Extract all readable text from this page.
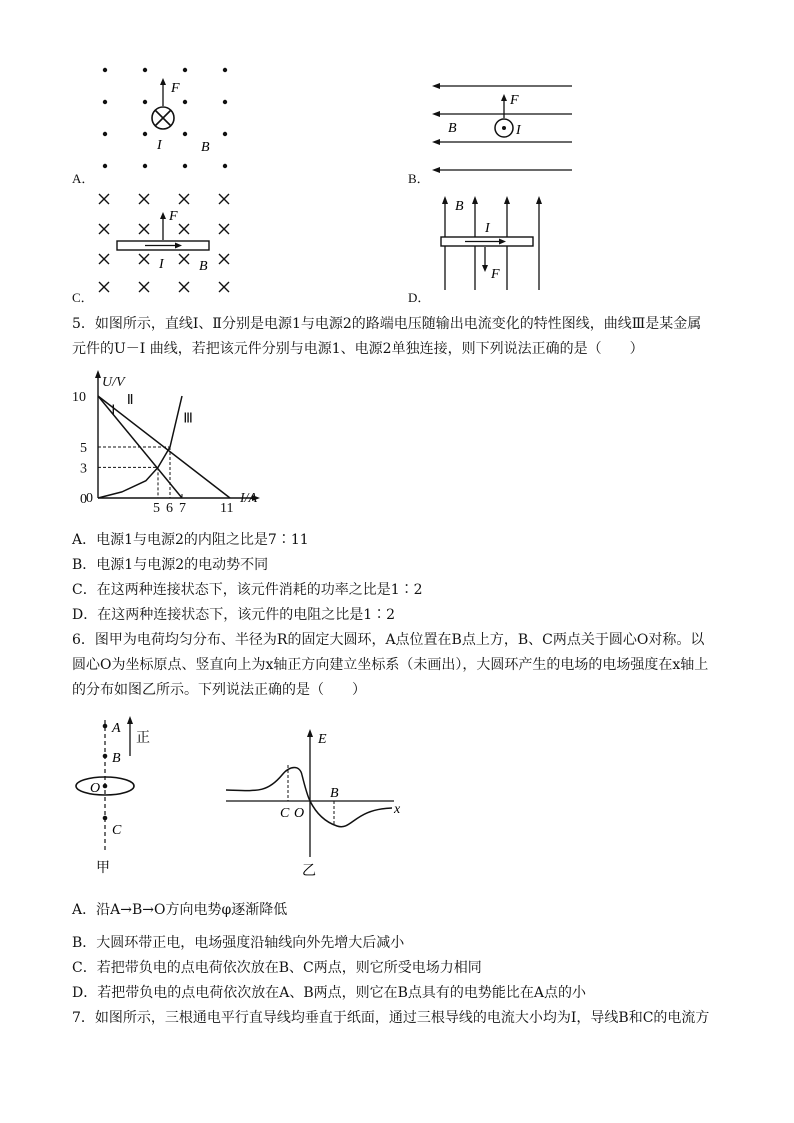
A．	B．
C．	D．
F
I	B
F
I
B
F
I	B
F
I
B
5．如图所示，直线Ⅰ、Ⅱ分别是电源1与电源2的路端电压随输出电流变化的特性图线，曲线Ⅲ是某金属
元件的U－I 曲线，若把该元件分别与电源1、电源2单独连接，则下列说法正确的是（　　）
I/A
U/V
0
3
5
10
0
5 6 7 11
Ⅰ
Ⅱ
Ⅲ
A．电源1与电源2的内阻之比是7∶11
B．电源1与电源2的电动势不同
C．在这两种连接状态下，该元件消耗的功率之比是1∶2
D．在这两种连接状态下，该元件的电阻之比是1∶2
6．图甲为电荷均匀分布、半径为R的固定大圆环，A点位置在B点上方，B、C两点关于圆心O对称。以
圆心O为坐标原点、竖直向上为x轴正方向建立坐标系（未画出），大圆环产生的电场的电场强度在x轴上
的分布如图乙所示。下列说法正确的是（　　）
A
B
O
C
正
甲
E
x
C O
B
乙
A．沿A→B→O方向电势φ逐渐降低
B．大圆环带正电，电场强度沿轴线向外先增大后减小
C．若把带负电的点电荷依次放在B、C两点，则它所受电场力相同
D．若把带负电的点电荷依次放在A、B两点，则它在B点具有的电势能比在A点的小
7．如图所示，三根通电平行直导线均垂直于纸面，通过三根导线的电流大小均为I，导线B和C的电流方
